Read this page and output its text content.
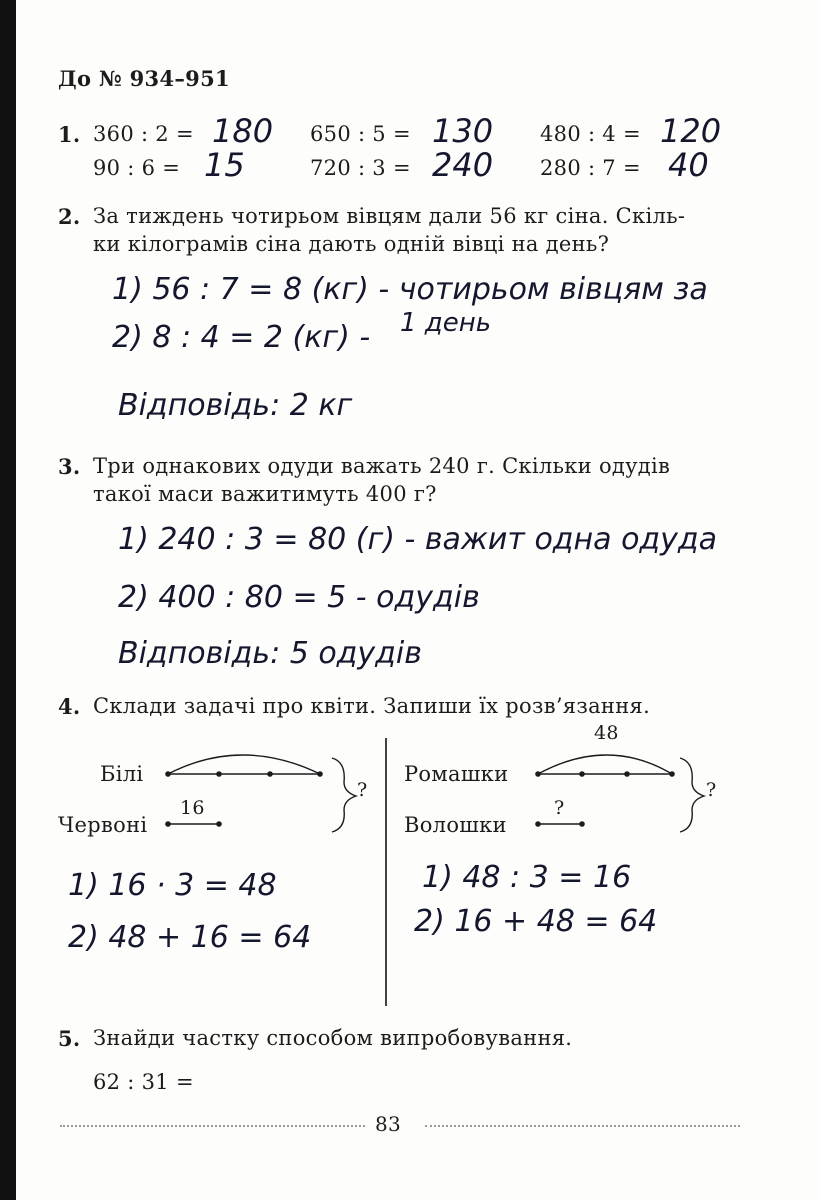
До № 934–951
1. 360 : 2 = 180 650 : 5 = 130 480 : 4 = 120
90 : 6 = 15	720 : 3 = 240 280 : 7 = 40
2. За тиждень чотирьом вівцям дали 56 кг сіна. Скіль-
ки кілограмів сіна дають одній вівці на день?
1) 56 : 7 = 8 (кг) - чотирьом вівцям за
1 день
2) 8 : 4 = 2 (кг) -
Відповідь: 2 кг
3. Три однакових одуди важать 240 г. Скільки одудів
такої маси важитимуть 400 г?
1) 240 : 3 = 80 (г) - важит одна одуда
2) 400 : 80 = 5 - одудів
Відповідь: 5 одудів
4. Склади задачі про квіти. Запиши їх розв’язання.
Білі
Червоні
16
?
1) 16 · 3 = 48
2) 48 + 16 = 64
48
Ромашки
Волошки
?
?
1) 48 : 3 = 16
2) 16 + 48 = 64
5. Знайди частку способом випробовування.
62 : 31 =
83
